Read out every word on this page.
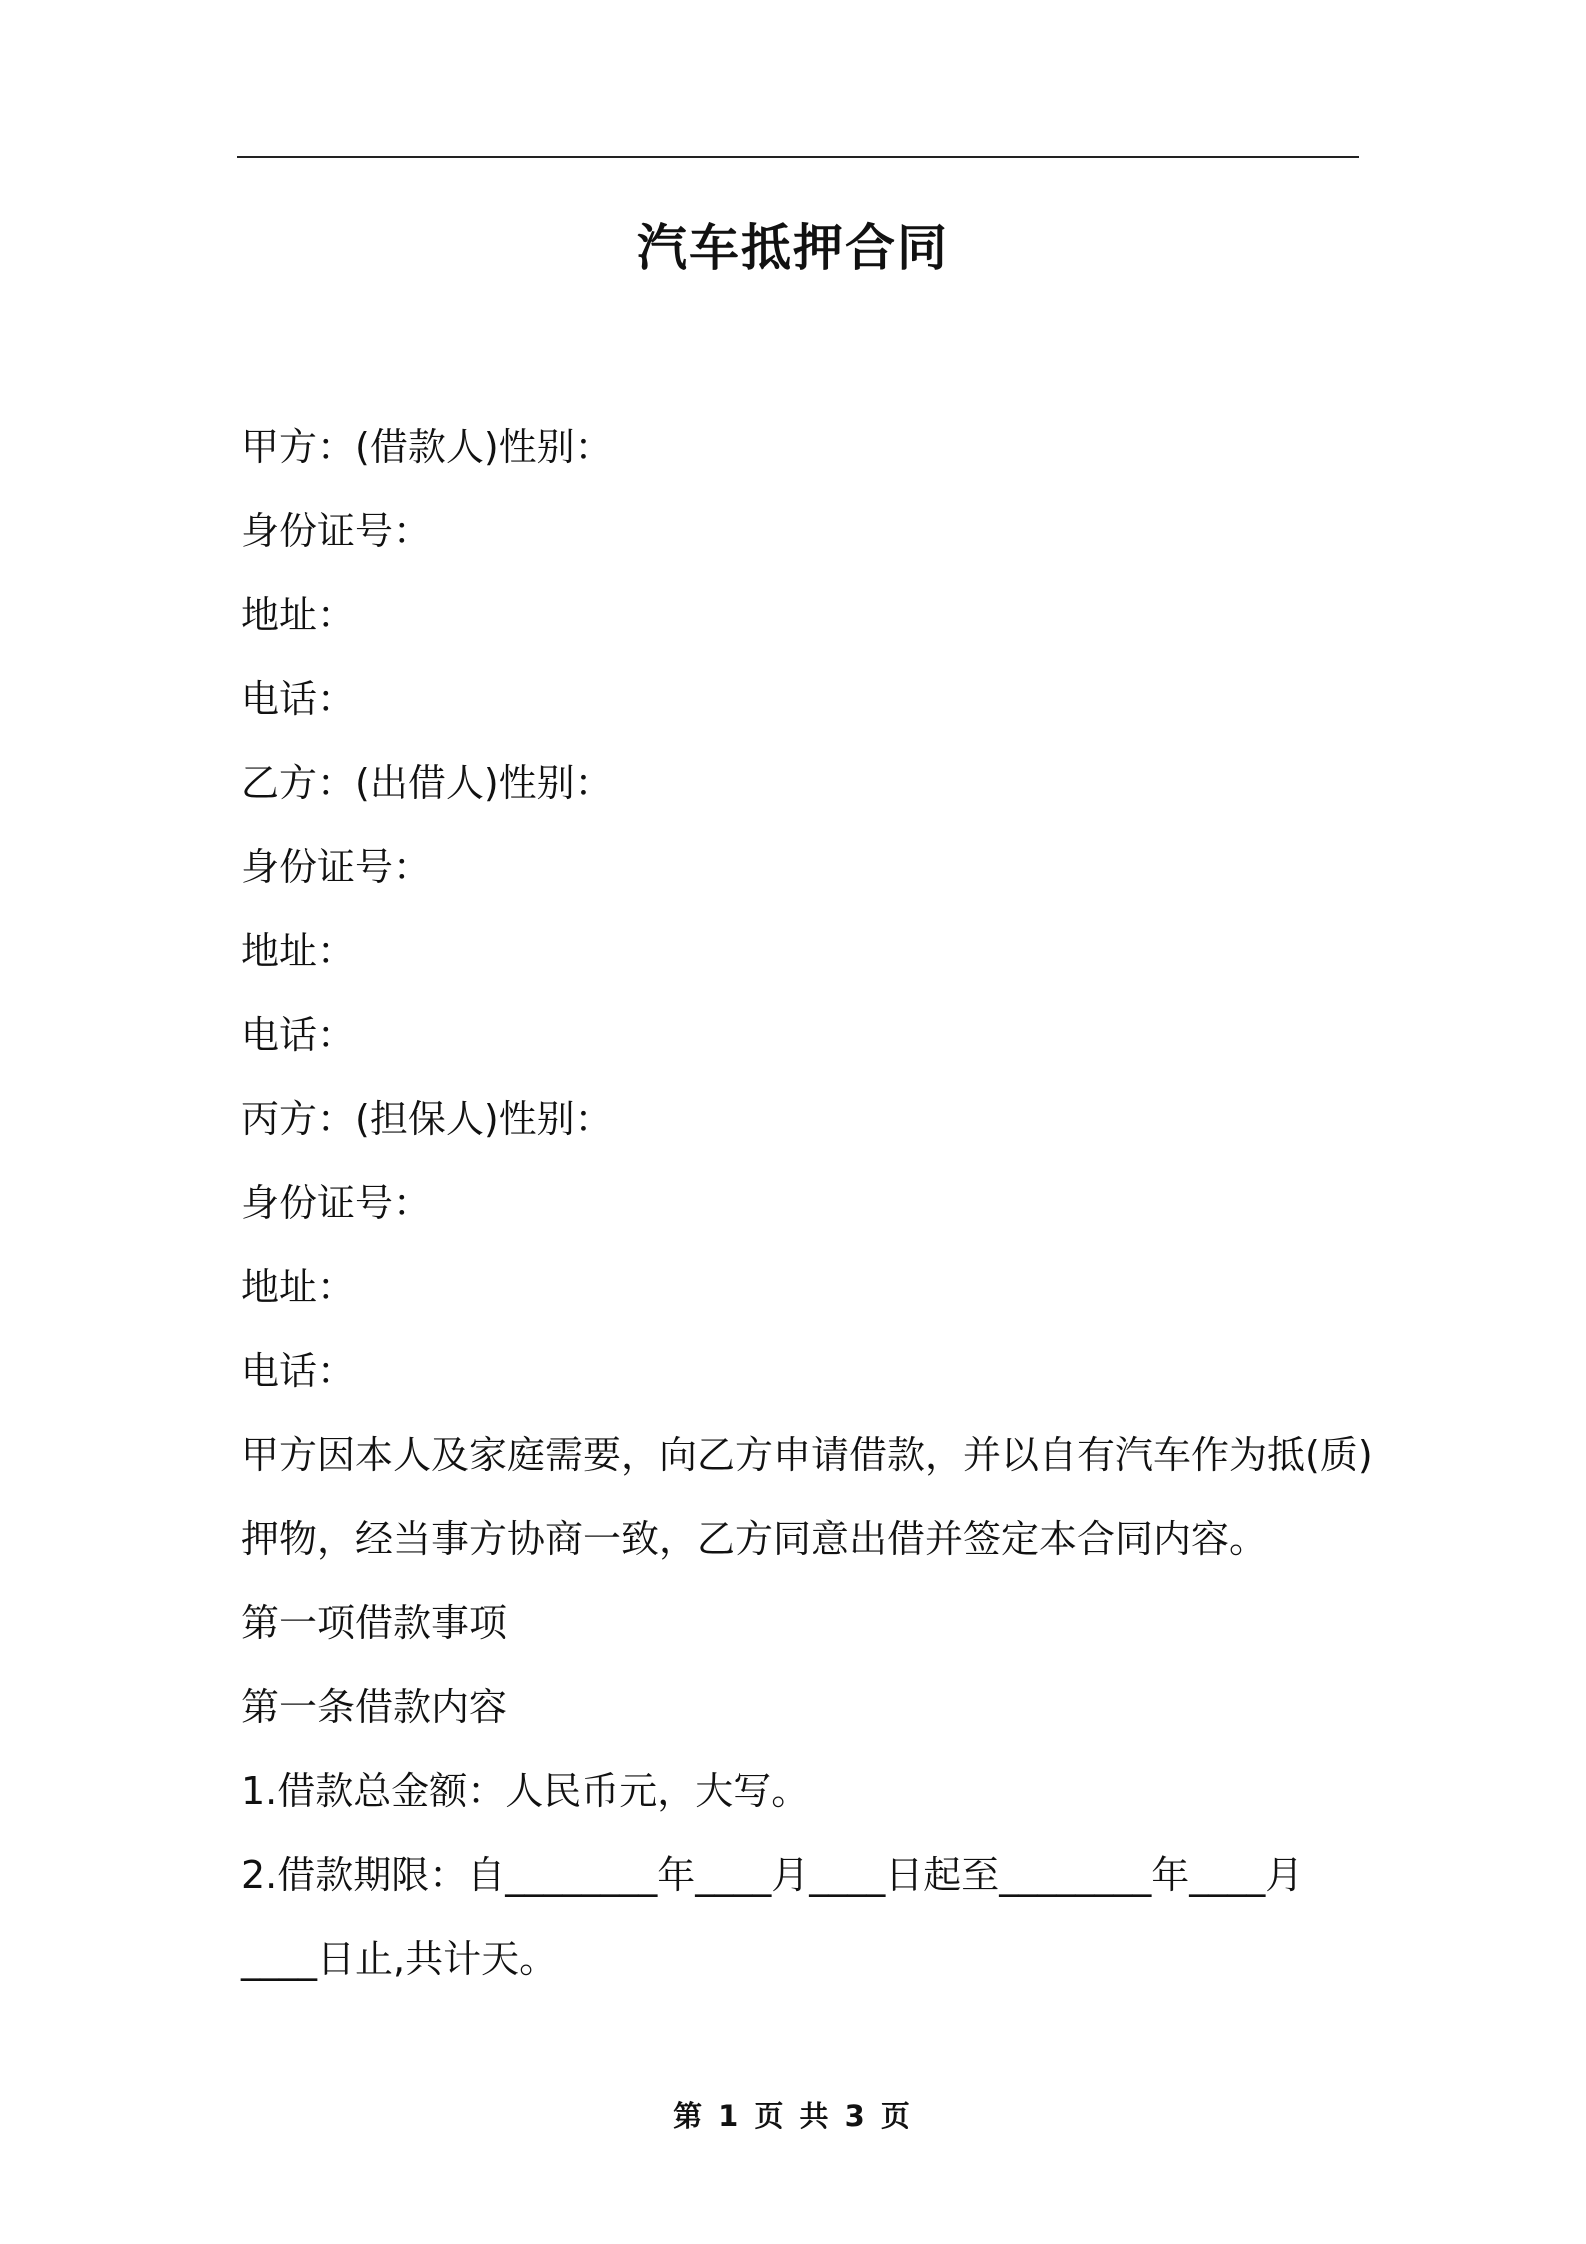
汽车抵押合同
甲方：(借款人)性别：
身份证号：
地址：
电话：
乙方：(出借人)性别：
身份证号：
地址：
电话：
丙方：(担保人)性别：
身份证号：
地址：
电话：
甲方因本人及家庭需要，向乙方申请借款，并以自有汽车作为抵(质)
押物，经当事方协商一致，乙方同意出借并签定本合同内容。
第一项借款事项
第一条借款内容
1.借款总金额：人民币元，大写。
2.借款期限：自________年____月____日起至________年____月
____日止,共计天。
第 1 页 共 3 页
